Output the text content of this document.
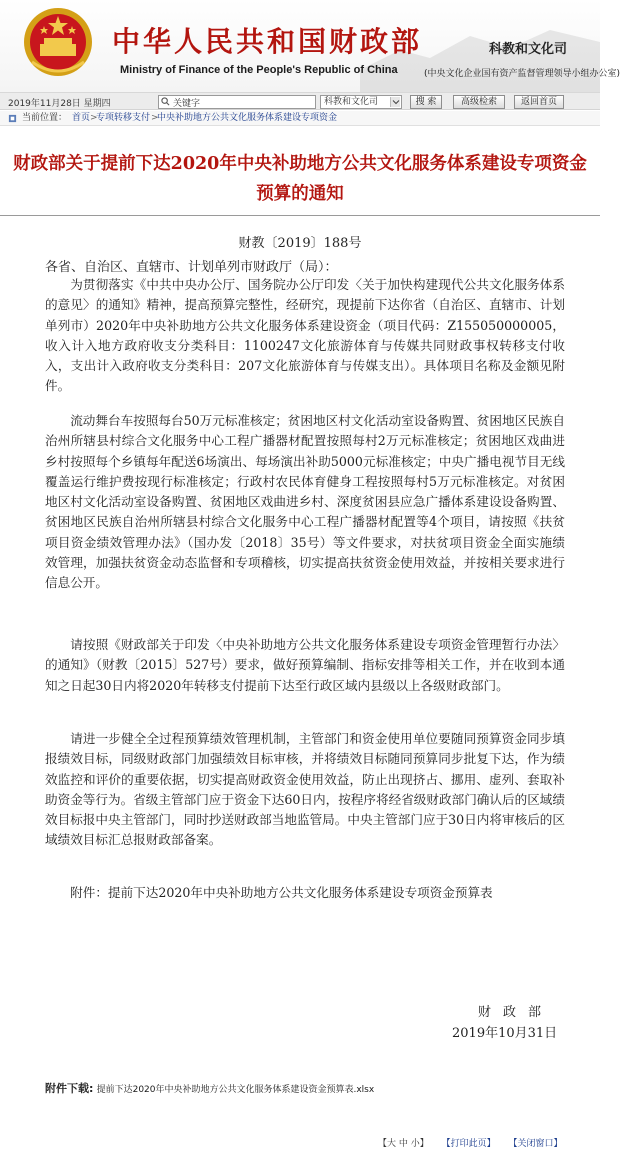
中华人民共和国财政部
Ministry of Finance of the People's Republic of China
科教和文化司
(中央文化企业国有资产监督管理领导小组办公室)
2019年11月28日 星期四
关键字	科教和文化司	搜 索	高级检索	返回首页
当前位置： 首页 >
专项转移支付 >
中央补助地方公共文化服务体系建设专项资金
财政部关于提前下达2020年中央补助地方公共文化服务体系建设专项资金
预算的通知
财教〔2019〕188号
各省、自治区、直辖市、计划单列市财政厅（局）：
为贯彻落实《中共中央办公厅、国务院办公厅印发〈关于加快构建现代公共文化服务体系的意见〉的通知》精神，提高预算完整性，经研究，现提前下达你省（自治区、直辖市、计划单列市）2020年中央补助地方公共文化服务体系建设资金（项目代码：Z155050000005，收入计入地方政府收支分类科目：1100247文化旅游体育与传媒共同财政事权转移支付收入，支出计入政府收支分类科目：207文化旅游体育与传媒支出）。具体项目名称及金额见附件。
流动舞台车按照每台50万元标准核定；贫困地区村文化活动室设备购置、贫困地区民族自治州所辖县村综合文化服务中心工程广播器材配置按照每村2万元标准核定；贫困地区戏曲进乡村按照每个乡镇每年配送6场演出、每场演出补助5000元标准核定；中央广播电视节目无线覆盖运行维护费按现行标准核定；行政村农民体育健身工程按照每村5万元标准核定。对贫困地区村文化活动室设备购置、贫困地区戏曲进乡村、深度贫困县应急广播体系建设设备购置、贫困地区民族自治州所辖县村综合文化服务中心工程广播器材配置等4个项目，请按照《扶贫项目资金绩效管理办法》（国办发〔2018〕35号）等文件要求，对扶贫项目资金全面实施绩效管理，加强扶贫资金动态监督和专项稽核，切实提高扶贫资金使用效益，并按相关要求进行信息公开。
请按照《财政部关于印发〈中央补助地方公共文化服务体系建设专项资金管理暂行办法〉的通知》（财教〔2015〕527号）要求，做好预算编制、指标安排等相关工作，并在收到本通知之日起30日内将2020年转移支付提前下达至行政区域内县级以上各级财政部门。
请进一步健全全过程预算绩效管理机制，主管部门和资金使用单位要随同预算资金同步填报绩效目标，同级财政部门加强绩效目标审核，并将绩效目标随同预算同步批复下达，作为绩效监控和评价的重要依据，切实提高财政资金使用效益，防止出现挤占、挪用、虚列、套取补助资金等行为。省级主管部门应于资金下达60日内，按程序将经省级财政部门确认后的区域绩效目标报中央主管部门，同时抄送财政部当地监管局。中央主管部门应于30日内将审核后的区域绩效目标汇总报财政部备案。
附件：提前下达2020年中央补助地方公共文化服务体系建设专项资金预算表
财政部
2019年10月31日
附件下载: 提前下达2020年中央补助地方公共文化服务体系建设资金预算表.xlsx
【大 中 小】 【打印此页】 【关闭窗口】
